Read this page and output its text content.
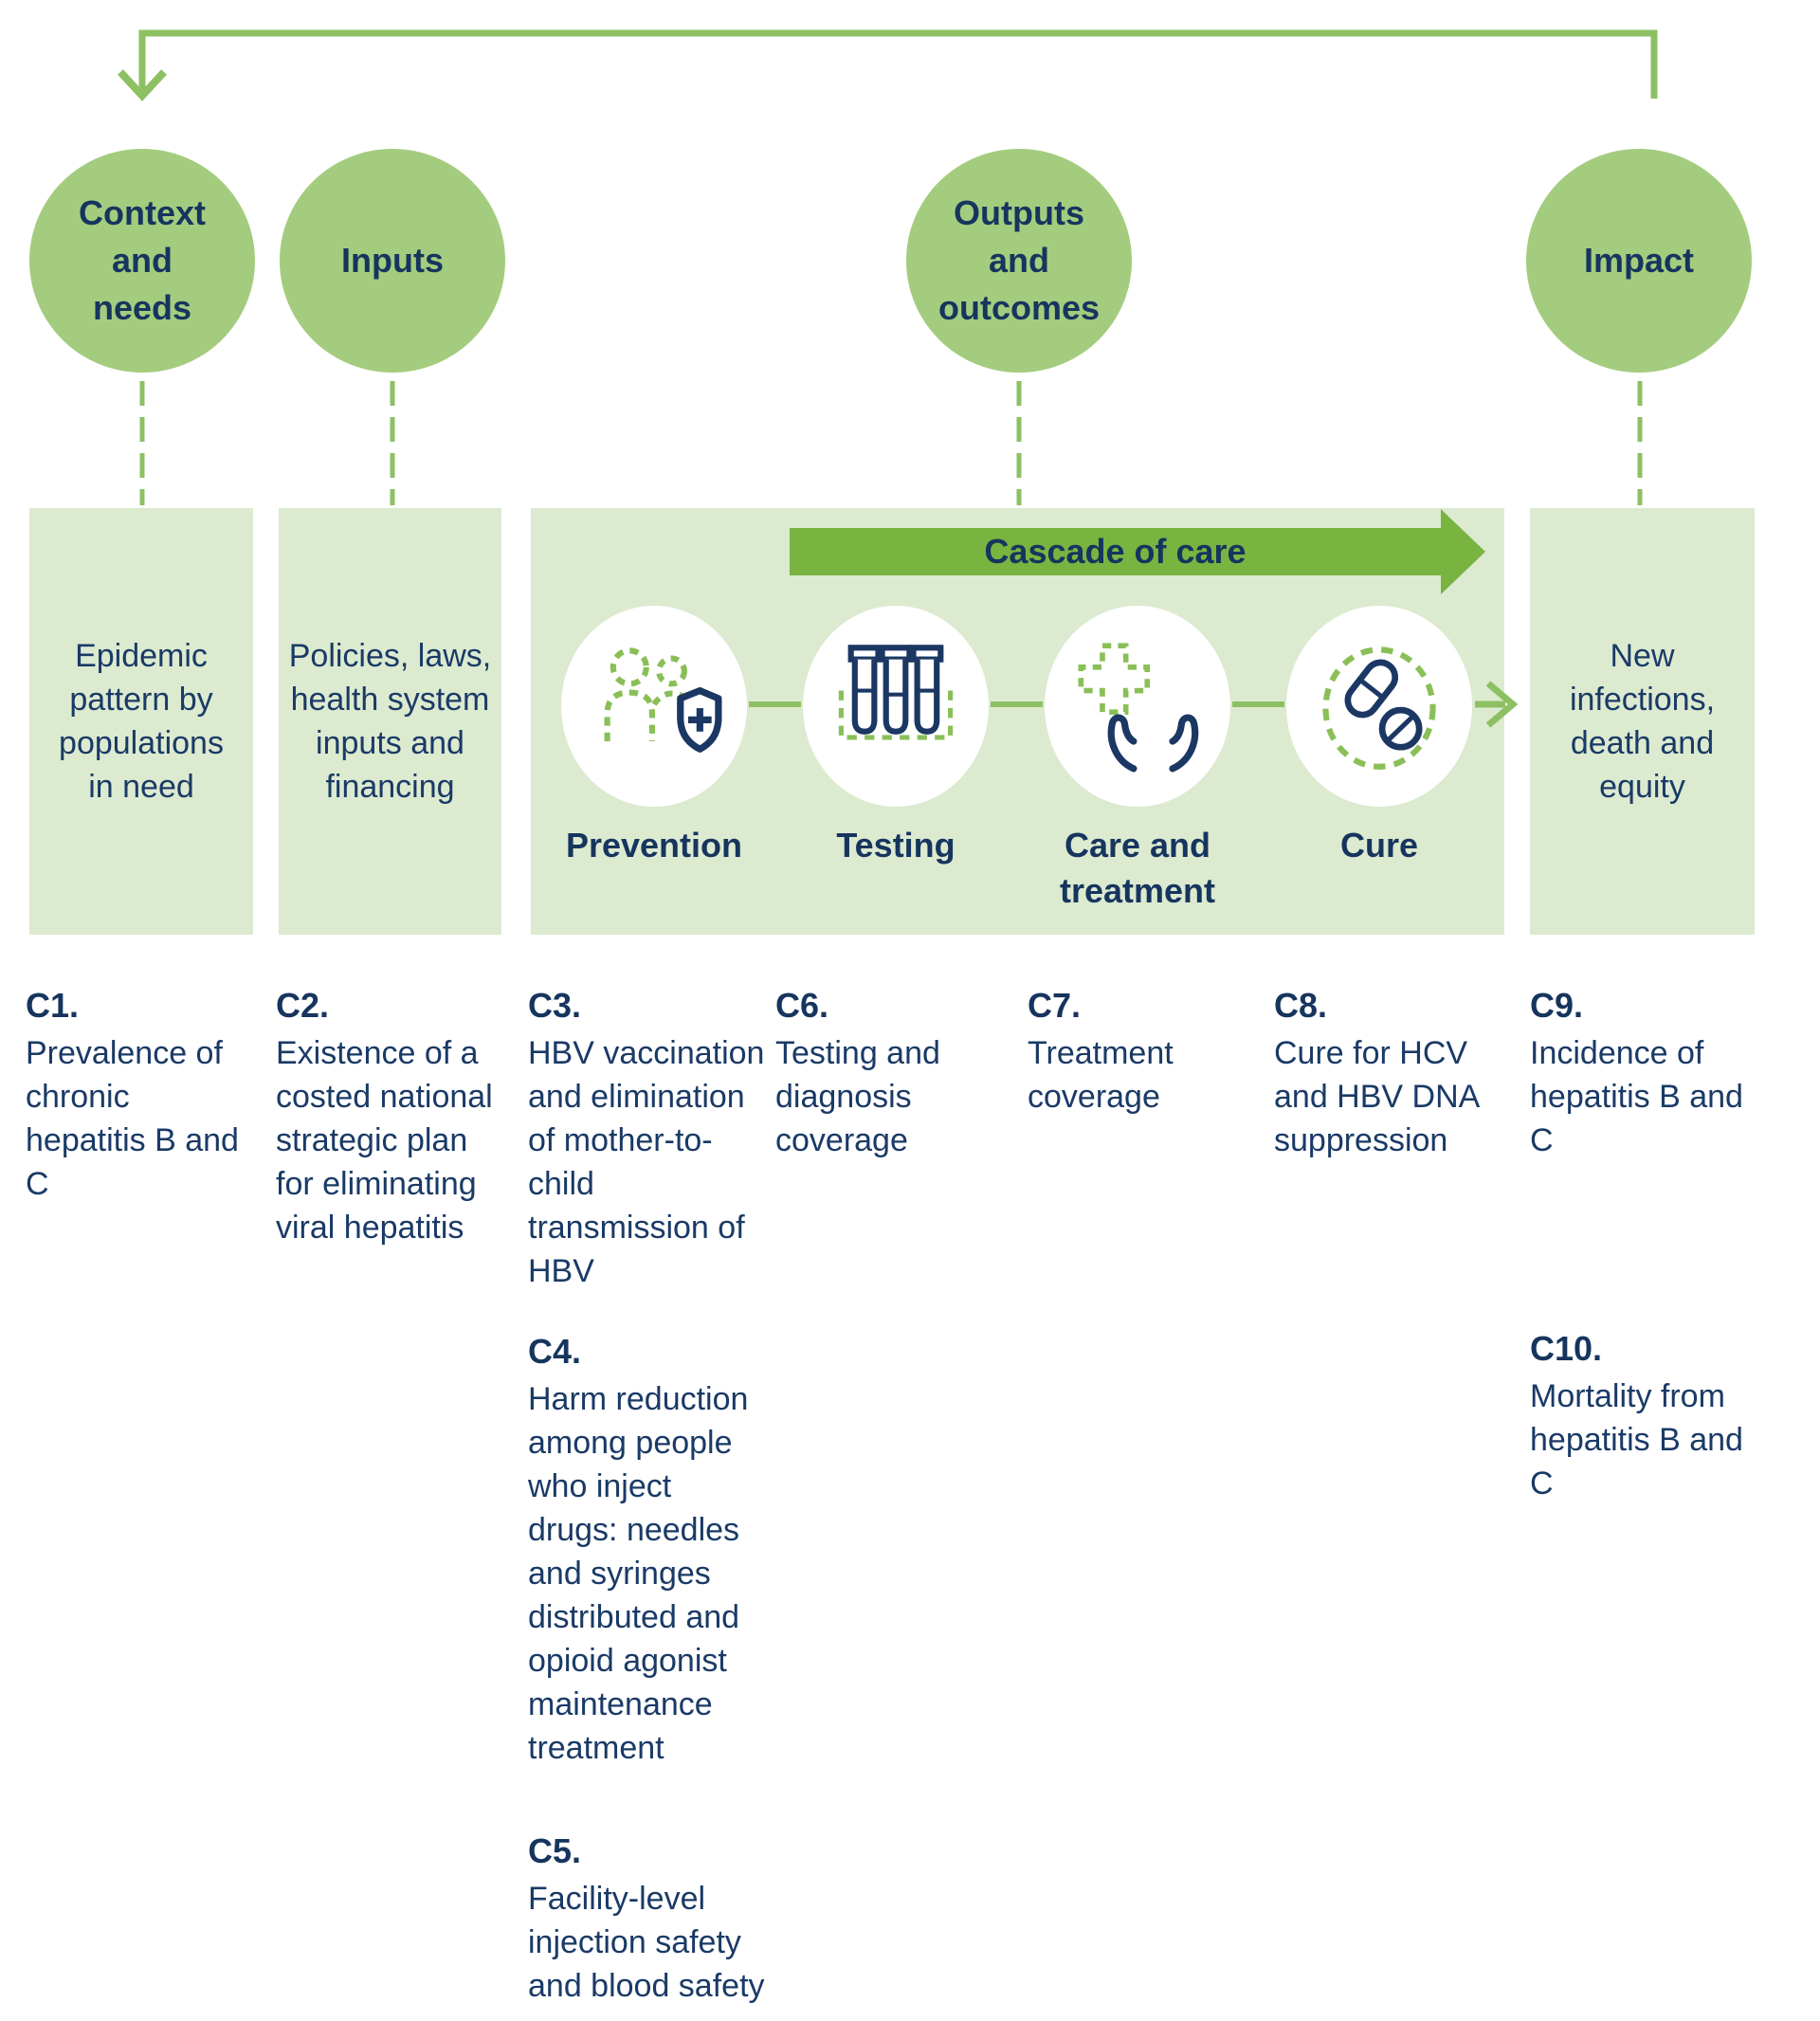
Epidemic
pattern by
populations
in need
Policies, laws,
health system
inputs and
financing
New
infections,
death and
equity
Cascade of care
Context
and
needs
Inputs
Outputs
and
outcomes
Impact
Prevention	Testing	Care and
treatment
Cure
C1.
Prevalence of chronic hepatitis B and C
C2.
Existence of a costed national strategic plan for eliminating viral hepatitis
C3.
HBV vaccination and elimination of mother-to-child transmission of HBV
C6.
Testing and diagnosis coverage
C7.
Treatment coverage
C8.
Cure for HCV and HBV DNA suppression
C9.
Incidence of hepatitis B and C
C4.
Harm reduction among people who inject drugs: needles and syringes distributed and opioid agonist maintenance treatment
C10.
Mortality from hepatitis B and C
C5.
Facility-level injection safety and blood safety
